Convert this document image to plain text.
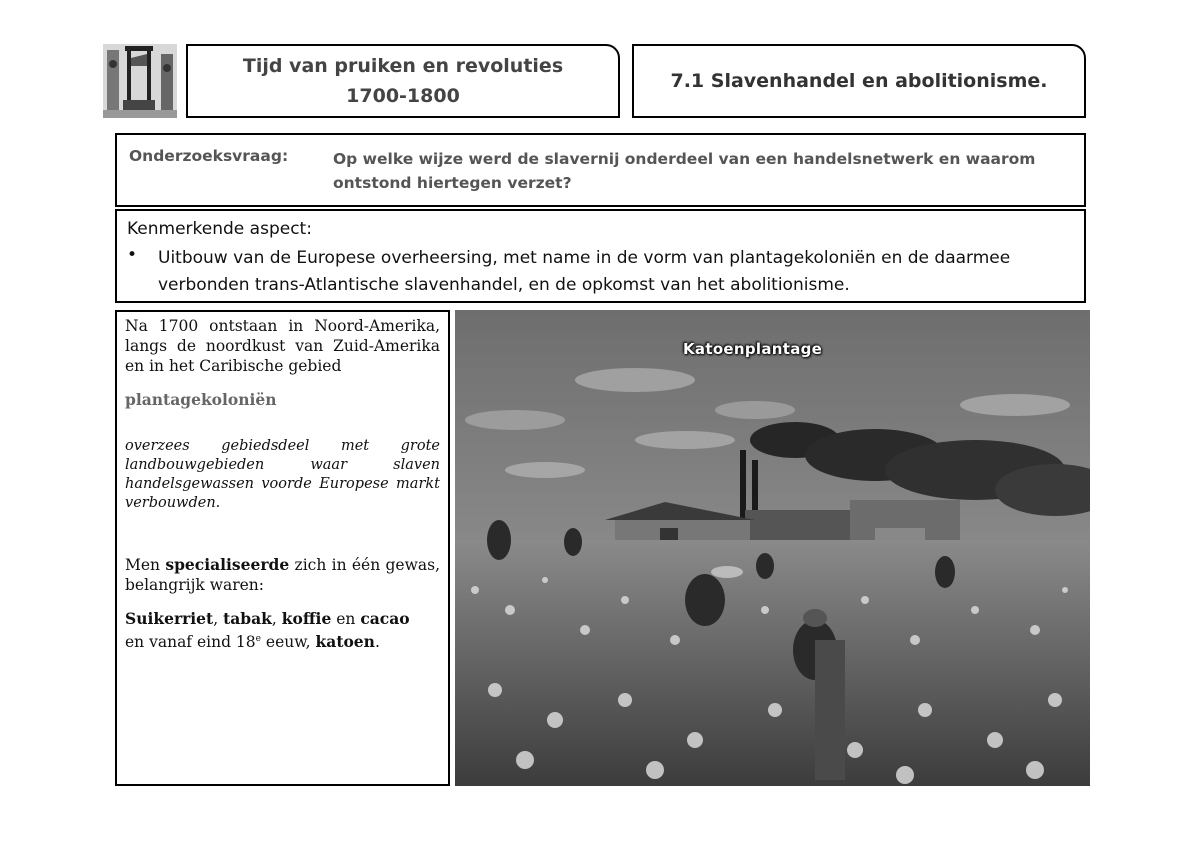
Tijd van pruiken en revoluties
1700-1800
7.1 Slavenhandel en abolitionisme.
Onderzoeksvraag:	Op welke wijze werd de slavernij onderdeel van een handelsnetwerk en waarom ontstond hiertegen verzet?
Kenmerkende aspect:
• Uitbouw van de Europese overheersing, met name in de vorm van plantagekoloniën en de daarmee verbonden trans-Atlantische slavenhandel, en de opkomst van het abolitionisme.

Na 1700 ontstaan in Noord-Amerika, langs de noordkust van Zuid-Amerika en in het Caribische gebied

plantagekoloniën

overzees gebiedsdeel met grote landbouwgebieden waar slaven handelsgewassen voorde Europese markt verbouwden.

Men specialiseerde zich in één gewas, belangrijk waren:

Suikerriet, tabak, koffie en cacao
en vanaf eind 18e eeuw, katoen.

Katoenplantage
